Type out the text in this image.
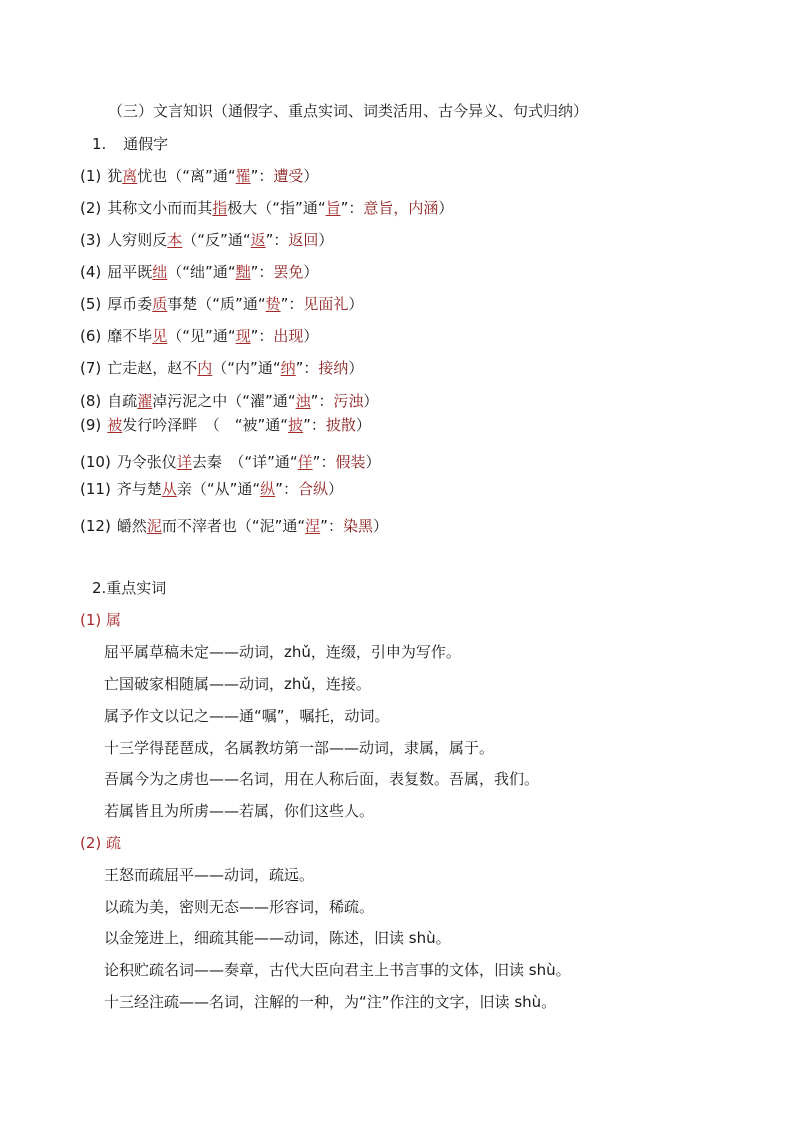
（三）文言知识（通假字、重点实词、词类活用、古今异义、句式归纳）
1. 通假字
(1) 犹离忧也（“离”通“罹”：遭受）
(2) 其称文小而而其指极大（“指”通“旨”：意旨，内涵）
(3) 人穷则反本（“反”通“返”：返回）
(4) 屈平既绌（“绌”通“黜”：罢免）
(5) 厚币委质事楚（“质”通“贽”：见面礼）
(6) 靡不毕见（“见”通“现”：出现）
(7) 亡走赵，赵不内（“内”通“纳”：接纳）
(8) 自疏濯淖污泥之中（“濯”通“浊”：污浊）
(9) 被发行吟泽畔　（　“被”通“披”：披散）
(10) 乃令张仪详去秦　（“详”通“佯”：假装）
(11) 齐与楚从亲（“从”通“纵”：合纵）
(12) 皭然泥而不滓者也（“泥”通“涅”：染黑）
2.重点实词
(1) 属
屈平属草稿未定——动词，zhǔ，连缀，引申为写作。
亡国破家相随属——动词，zhǔ，连接。
属予作文以记之——通“嘱”，嘱托，动词。
十三学得琵琶成，名属教坊第一部——动词，隶属，属于。
吾属今为之虏也——名词，用在人称后面，表复数。吾属，我们。
若属皆且为所虏——若属，你们这些人。
(2) 疏
王怒而疏屈平——动词，疏远。
以疏为美，密则无态——形容词，稀疏。
以金笼进上，细疏其能——动词，陈述，旧读 shù。
论积贮疏名词——奏章，古代大臣向君主上书言事的文体，旧读 shù。
十三经注疏——名词，注解的一种，为“注”作注的文字，旧读 shù。
